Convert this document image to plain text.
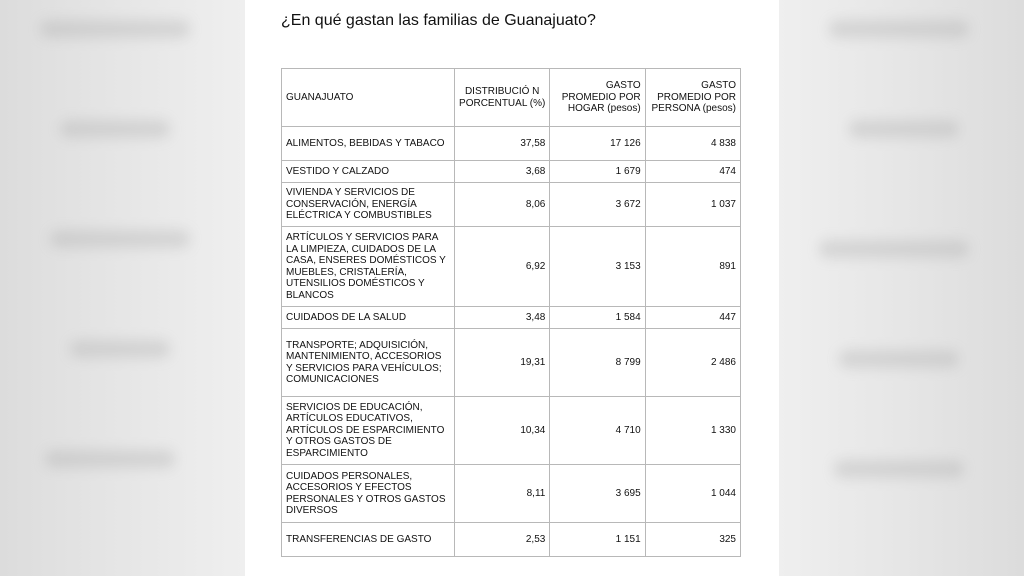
¿En qué gastan las familias de Guanajuato?
GUANAJUATO	DISTRIBUCIÓ N PORCENTUAL (%)	GASTO PROMEDIO POR HOGAR (pesos)	GASTO PROMEDIO POR PERSONA (pesos)
ALIMENTOS, BEBIDAS Y TABACO	37,58	17 126	4 838
VESTIDO Y CALZADO	3,68	1 679	474
VIVIENDA Y SERVICIOS DE CONSERVACIÓN, ENERGÍA ELÉCTRICA Y COMBUSTIBLES	8,06	3 672	1 037
ARTÍCULOS Y SERVICIOS PARA LA LIMPIEZA, CUIDADOS DE LA CASA, ENSERES DOMÉSTICOS Y MUEBLES, CRISTALERÍA, UTENSILIOS DOMÉSTICOS Y BLANCOS	6,92	3 153	891
CUIDADOS DE LA SALUD	3,48	1 584	447
TRANSPORTE; ADQUISICIÓN, MANTENIMIENTO, ACCESORIOS Y SERVICIOS PARA VEHÍCULOS; COMUNICACIONES	19,31	8 799	2 486
SERVICIOS DE EDUCACIÓN, ARTÍCULOS EDUCATIVOS, ARTÍCULOS DE ESPARCIMIENTO Y OTROS GASTOS DE ESPARCIMIENTO	10,34	4 710	1 330
CUIDADOS PERSONALES, ACCESORIOS Y EFECTOS PERSONALES Y OTROS GASTOS DIVERSOS	8,11	3 695	1 044
TRANSFERENCIAS DE GASTO	2,53	1 151	325
